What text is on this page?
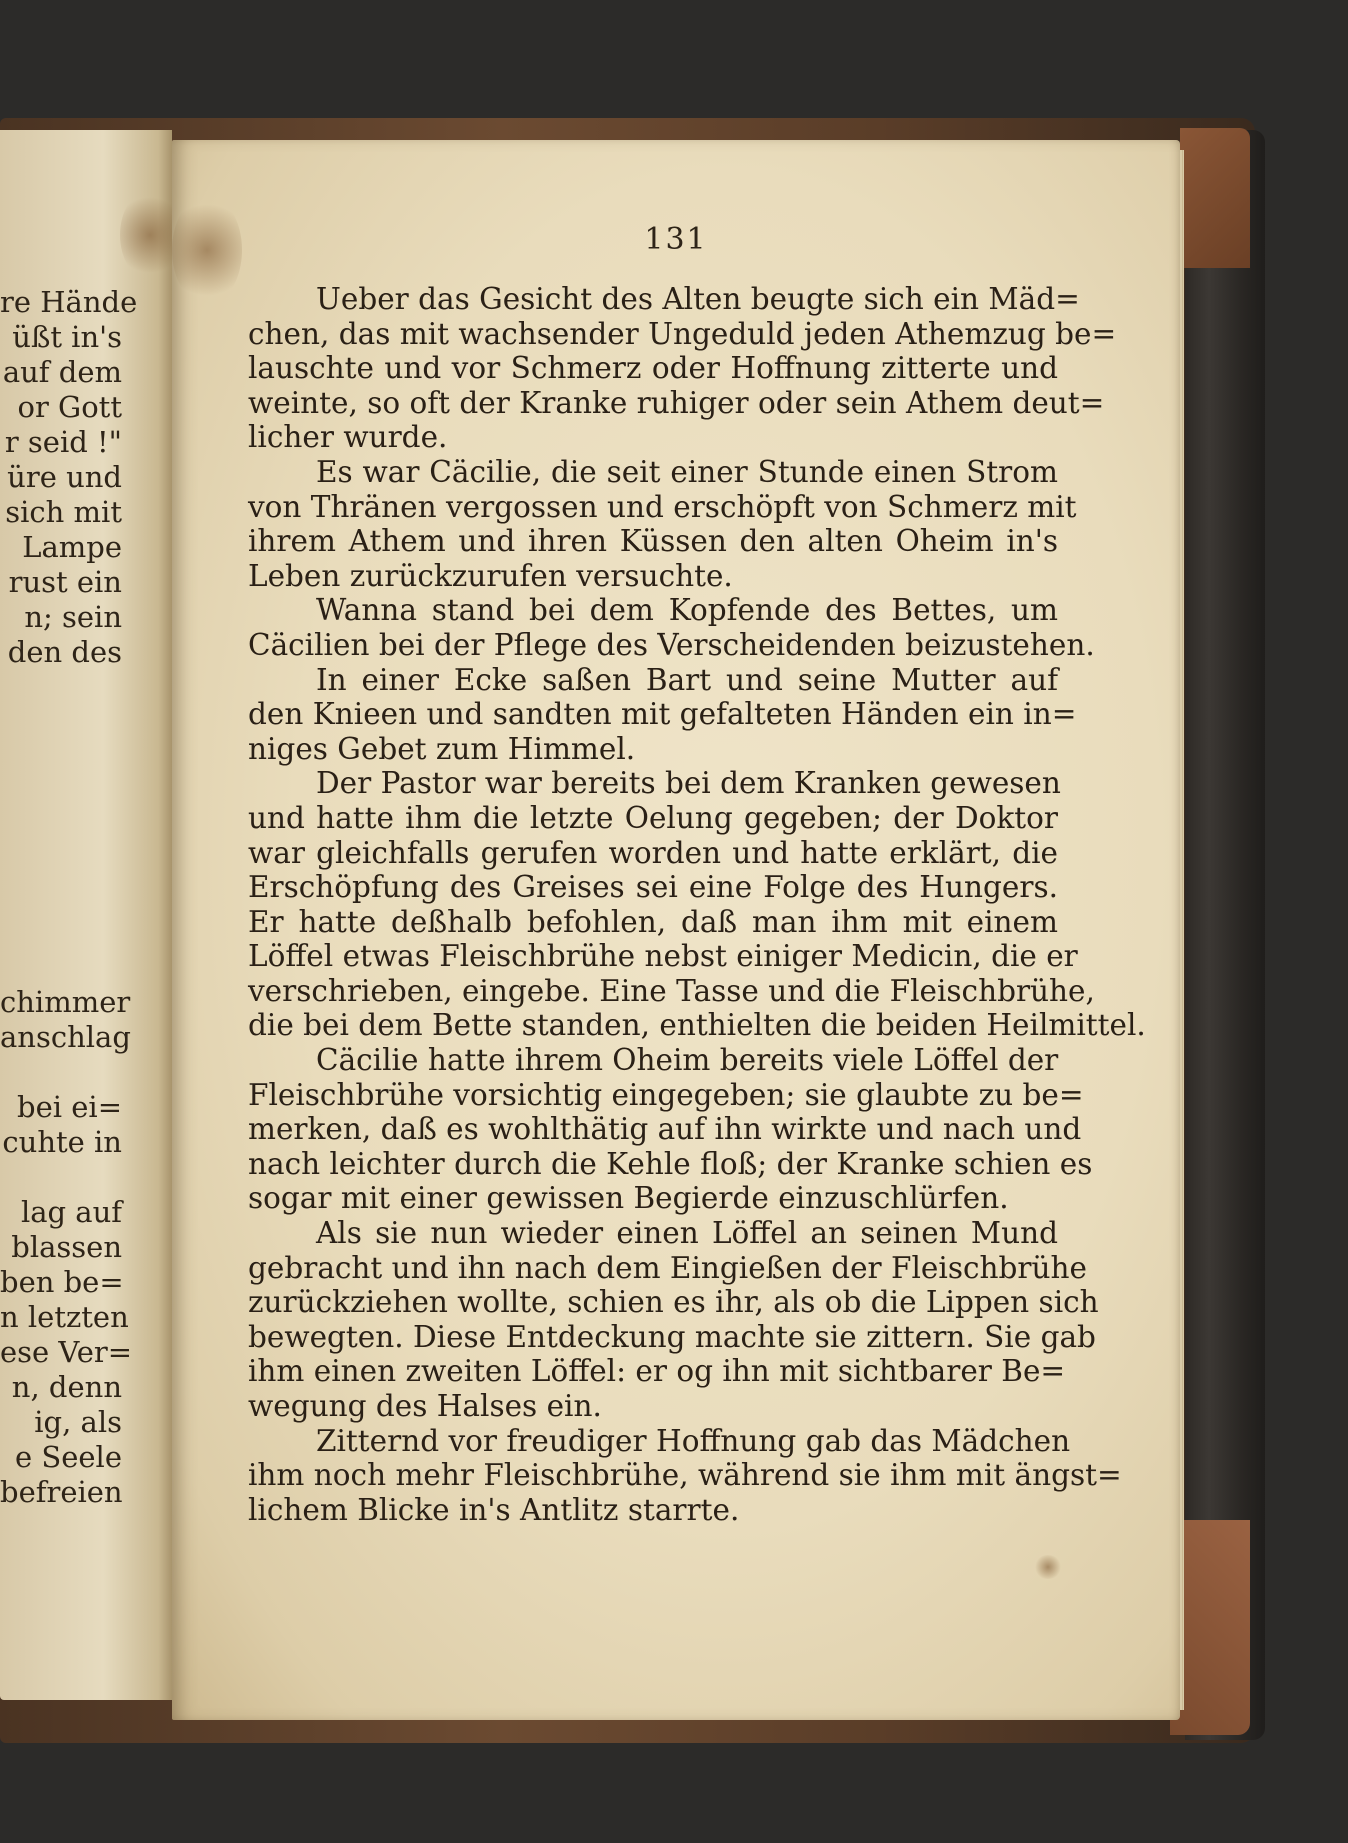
re Hände
üßt in's
auf dem
or Gott
r seid !"
üre und
sich mit
Lampe
rust ein
n; sein
den des
chimmer
anschlag
bei ei=
cuhte in
lag auf
blassen
ben be=
n letzten
ese Ver=
n, denn
ig, als
e Seele
befreien
131
Ueber das Gesicht des Alten beugte sich ein Mäd=
chen, das mit wachsender Ungeduld jeden Athemzug be=
lauschte und vor Schmerz oder Hoffnung zitterte und
weinte, so oft der Kranke ruhiger oder sein Athem deut=
licher wurde.
Es war Cäcilie, die seit einer Stunde einen Strom
von Thränen vergossen und erschöpft von Schmerz mit
ihrem Athem und ihren Küssen den alten Oheim in's
Leben zurückzurufen versuchte.
Wanna stand bei dem Kopfende des Bettes, um
Cäcilien bei der Pflege des Verscheidenden beizustehen.
In einer Ecke saßen Bart und seine Mutter auf
den Knieen und sandten mit gefalteten Händen ein in=
niges Gebet zum Himmel.
Der Pastor war bereits bei dem Kranken gewesen
und hatte ihm die letzte Oelung gegeben; der Doktor
war gleichfalls gerufen worden und hatte erklärt, die
Erschöpfung des Greises sei eine Folge des Hungers.
Er hatte deßhalb befohlen, daß man ihm mit einem
Löffel etwas Fleischbrühe nebst einiger Medicin, die er
verschrieben, eingebe. Eine Tasse und die Fleischbrühe,
die bei dem Bette standen, enthielten die beiden Heilmittel.
Cäcilie hatte ihrem Oheim bereits viele Löffel der
Fleischbrühe vorsichtig eingegeben; sie glaubte zu be=
merken, daß es wohlthätig auf ihn wirkte und nach und
nach leichter durch die Kehle floß; der Kranke schien es
sogar mit einer gewissen Begierde einzuschlürfen.
Als sie nun wieder einen Löffel an seinen Mund
gebracht und ihn nach dem Eingießen der Fleischbrühe
zurückziehen wollte, schien es ihr, als ob die Lippen sich
bewegten. Diese Entdeckung machte sie zittern. Sie gab
ihm einen zweiten Löffel: er og ihn mit sichtbarer Be=
wegung des Halses ein.
Zitternd vor freudiger Hoffnung gab das Mädchen
ihm noch mehr Fleischbrühe, während sie ihm mit ängst=
lichem Blicke in's Antlitz starrte.
